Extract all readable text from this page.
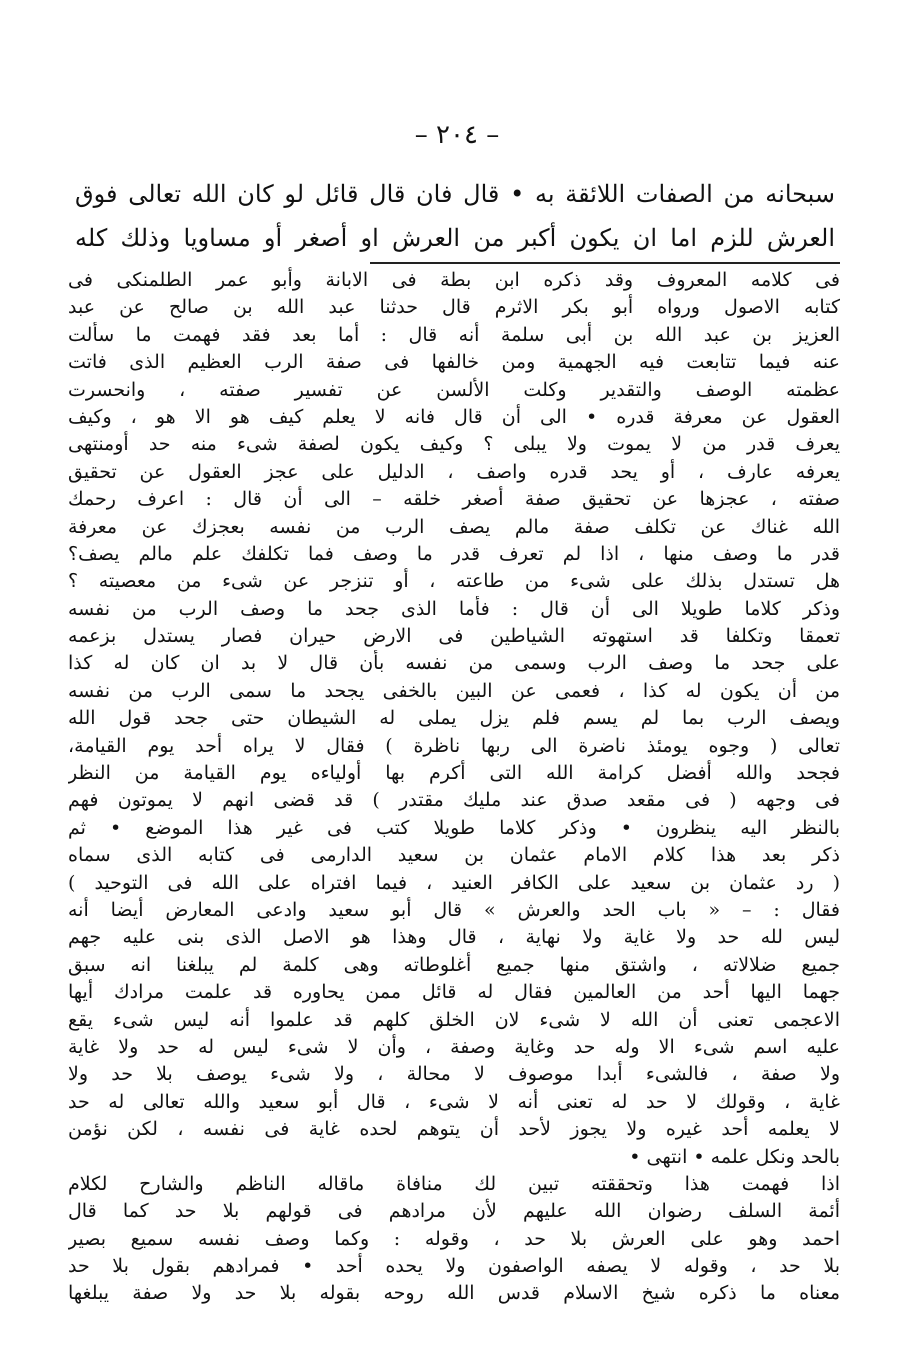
– ٢٠٤ –
سبحانه من الصفات اللائقة به • قال فان قال قائل لو كان الله تعالى فوق
العرش للزم اما ان يكون أكبر من العرش او أصغر أو مساويا وذلك كله
فى كلامه المعروف وقد ذكره ابن بطة فى الابانة وأبو عمر الطلمنكى فى
كتابه الاصول ورواه أبو بكر الاثرم قال حدثنا عبد الله بن صالح عن عبد
العزيز بن عبد الله بن أبى سلمة أنه قال : أما بعد فقد فهمت ما سألت
عنه فيما تتابعت فيه الجهمية ومن خالفها فى صفة الرب العظيم الذى فاتت
عظمته الوصف والتقدير وكلت الألسن عن تفسير صفته ، وانحسرت
العقول عن معرفة قدره • الى أن قال فانه لا يعلم كيف هو الا هو ، وكيف
يعرف قدر من لا يموت ولا يبلى ؟ وكيف يكون لصفة شىء منه حد أومنتهى
يعرفه عارف ، أو يحد قدره واصف ، الدليل على عجز العقول عن تحقيق
صفته ، عجزها عن تحقيق صفة أصغر خلقه – الى أن قال : اعرف رحمك
الله غناك عن تكلف صفة مالم يصف الرب من نفسه بعجزك عن معرفة
قدر ما وصف منها ، اذا لم تعرف قدر ما وصف فما تكلفك علم مالم يصف؟
هل تستدل بذلك على شىء من طاعته ، أو تنزجر عن شىء من معصيته ؟
وذكر كلاما طويلا الى أن قال : فأما الذى جحد ما وصف الرب من نفسه
تعمقا وتكلفا قد استهوته الشياطين فى الارض حيران فصار يستدل بزعمه
على جحد ما وصف الرب وسمى من نفسه بأن قال لا بد ان كان له كذا
من أن يكون له كذا ، فعمى عن البين بالخفى يجحد ما سمى الرب من نفسه
ويصف الرب بما لم يسم فلم يزل يملى له الشيطان حتى جحد قول الله
تعالى ( وجوه يومئذ ناضرة الى ربها ناظرة ) فقال لا يراه أحد يوم القيامة،
فجحد والله أفضل كرامة الله التى أكرم بها أولياءه يوم القيامة من النظر
فى وجهه ( فى مقعد صدق عند مليك مقتدر ) قد قضى انهم لا يموتون فهم
بالنظر اليه ينظرون • وذكر كلاما طويلا كتب فى غير هذا الموضع • ثم
ذكر بعد هذا كلام الامام عثمان بن سعيد الدارمى فى كتابه الذى سماه
( رد عثمان بن سعيد على الكافر العنيد ، فيما افتراه على الله فى التوحيد )
فقال : – « باب الحد والعرش » قال أبو سعيد وادعى المعارض أيضا أنه
ليس لله حد ولا غاية ولا نهاية ، قال وهذا هو الاصل الذى بنى عليه جهم
جميع ضلالاته ، واشتق منها جميع أغلوطاته وهى كلمة لم يبلغنا انه سبق
جهما اليها أحد من العالمين فقال له قائل ممن يحاوره قد علمت مرادك أيها
الاعجمى تعنى أن الله لا شىء لان الخلق كلهم قد علموا أنه ليس شىء يقع
عليه اسم شىء الا وله حد وغاية وصفة ، وأن لا شىء ليس له حد ولا غاية
ولا صفة ، فالشىء أبدا موصوف لا محالة ، ولا شىء يوصف بلا حد ولا
غاية ، وقولك لا حد له تعنى أنه لا شىء ، قال أبو سعيد والله تعالى له حد
لا يعلمه أحد غيره ولا يجوز لأحد أن يتوهم لحده غاية فى نفسه ، لكن نؤمن
بالحد ونكل علمه • انتهى •
اذا فهمت هذا وتحققته تبين لك منافاة ماقاله الناظم والشارح لكلام
أئمة السلف رضوان الله عليهم لأن مرادهم فى قولهم بلا حد كما قال
احمد وهو على العرش بلا حد ، وقوله : وكما وصف نفسه سميع بصير
بلا حد ، وقوله لا يصفه الواصفون ولا يحده أحد • فمرادهم بقول بلا حد
معناه ما ذكره شيخ الاسلام قدس الله روحه بقوله بلا حد ولا صفة يبلغها
